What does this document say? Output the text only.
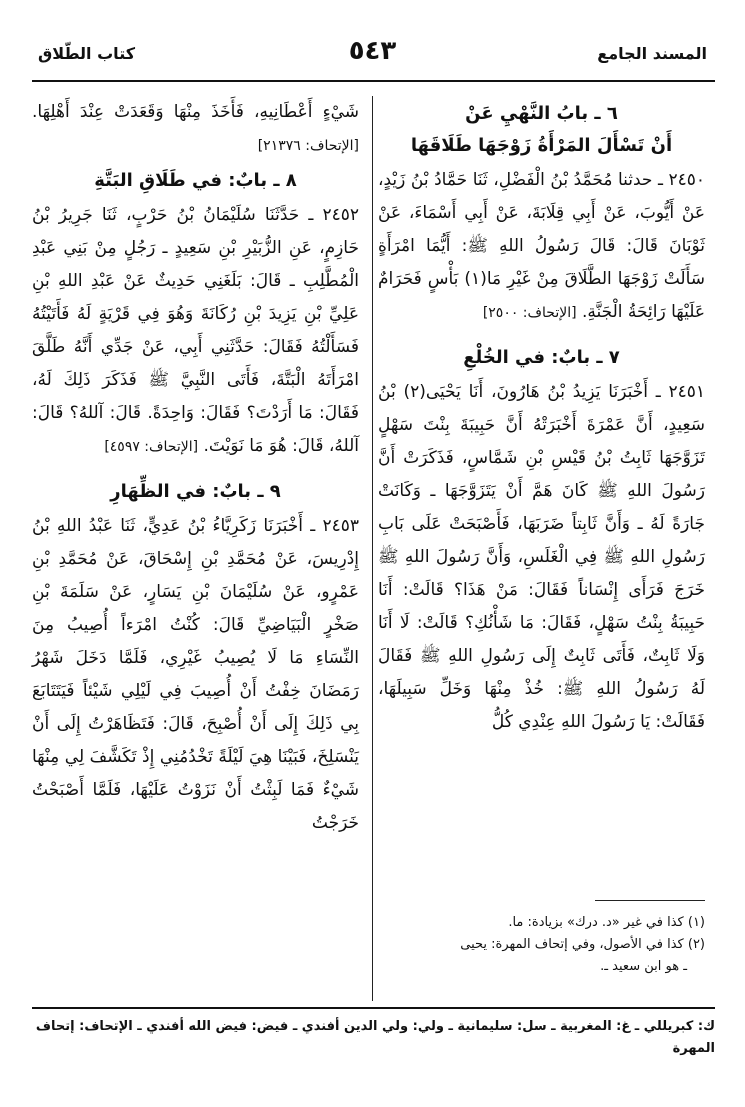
المسند الجامع
٥٤٣
كتاب الطّلاق
٦ ـ بابُ النَّهْيِ عَنْ
أَنْ تَسْأَلَ المَرْأَةُ زَوْجَهَا طَلَاقَهَا

٢٤٥٠ ـ حدثنا مُحَمَّدُ بْنُ الْفَضْلِ، ثَنَا حَمَّادُ بْنُ زَيْدٍ، عَنْ أَيُّوبَ، عَنْ أَبِي قِلَابَةَ، عَنْ أَبِي أَسْمَاءَ، عَنْ ثَوْبَانَ قَالَ: قَالَ رَسُولُ اللهِ ﷺ: أَيُّمَا امْرَأَةٍ سَأَلَتْ زَوْجَهَا الطَّلَاقَ مِنْ غَيْرِ مَا(١) بَأْسٍ فَحَرَامٌ عَلَيْهَا رَائِحَةُ الْجَنَّةِ. [الإتحاف: ٢٥٠٠]

٧ ـ بابٌ: في الخُلْعِ

٢٤٥١ ـ أَخْبَرَنَا يَزِيدُ بْنُ هَارُونَ، أَنَا يَحْيَى(٢) بْنُ سَعِيدٍ، أَنَّ عَمْرَةَ أَخْبَرَتْهُ أَنَّ حَبِيبَةَ بِنْتَ سَهْلٍ تَزَوَّجَهَا ثَابِتُ بْنُ قَيْسِ بْنِ شَمَّاسٍ، فَذَكَرَتْ أَنَّ رَسُولَ اللهِ ﷺ كَانَ هَمَّ أَنْ يَتَزَوَّجَهَا ـ وَكَانَتْ جَارَةً لَهُ ـ وَأَنَّ ثَابِتاً ضَرَبَهَا، فَأَصْبَحَتْ عَلَى بَابِ رَسُولِ اللهِ ﷺ فِي الْغَلَسِ، وَأَنَّ رَسُولَ اللهِ ﷺ خَرَجَ فَرَأَى إِنْسَاناً فَقَالَ: مَنْ هَذَا؟ قَالَتْ: أَنَا حَبِيبَةُ بِنْتُ سَهْلٍ، فَقَالَ: مَا شَأْنُكِ؟ قَالَتْ: لَا أَنَا وَلَا ثَابِتٌ، فَأَتَى ثَابِتٌ إِلَى رَسُولِ اللهِ ﷺ فَقَالَ لَهُ رَسُولُ اللهِ ﷺ: خُذْ مِنْهَا وَخَلِّ سَبِيلَهَا، فَقَالَتْ: يَا رَسُولَ اللهِ عِنْدِي كُلُّ

شَيْءٍ أَعْطَانِيهِ، فَأَخَذَ مِنْهَا وَقَعَدَتْ عِنْدَ أَهْلِهَا. [الإتحاف: ٢١٣٧٦]

٨ ـ بابٌ: في طَلَاقِ البَتَّةِ

٢٤٥٢ ـ حَدَّثَنَا سُلَيْمَانُ بْنُ حَرْبٍ، ثَنَا جَرِيرُ بْنُ حَازِمٍ، عَنِ الزُّبَيْرِ بْنِ سَعِيدٍ ـ رَجُلٍ مِنْ بَنِي عَبْدِ الْمُطَّلِبِ ـ قَالَ: بَلَغَنِي حَدِيثٌ عَنْ عَبْدِ اللهِ بْنِ عَلِيِّ بْنِ يَزِيدَ بْنِ رُكَانَةَ وَهُوَ فِي قَرْيَةٍ لَهُ فَأَتَيْتُهُ فَسَأَلْتُهُ فَقَالَ: حَدَّثَنِي أَبِي، عَنْ جَدِّي أَنَّهُ طَلَّقَ امْرَأَتَهُ الْبَتَّةَ، فَأَتَى النَّبِيَّ ﷺ فَذَكَرَ ذَلِكَ لَهُ، فَقَالَ: مَا أَرَدْتَ؟ فَقَالَ: وَاحِدَةً. قَالَ: آللهُ؟ قَالَ: آللهُ، قَالَ: هُوَ مَا نَوَيْتَ. [الإتحاف: ٤٥٩٧]

٩ ـ بابٌ: في الظِّهَارِ

٢٤٥٣ ـ أَخْبَرَنَا زَكَرِيَّاءُ بْنُ عَدِيٍّ، ثَنَا عَبْدُ اللهِ بْنُ إِدْرِيسَ، عَنْ مُحَمَّدِ بْنِ إِسْحَاقَ، عَنْ مُحَمَّدِ بْنِ عَمْرٍو، عَنْ سُلَيْمَانَ بْنِ يَسَارٍ، عَنْ سَلَمَةَ بْنِ صَخْرٍ الْبَيَاضِيِّ قَالَ: كُنْتُ امْرَءاً أُصِيبُ مِنَ النِّسَاءِ مَا لَا يُصِيبُ غَيْرِي، فَلَمَّا دَخَلَ شَهْرُ رَمَضَانَ خِفْتُ أَنْ أُصِيبَ فِي لَيْلِي شَيْئاً فَيَتَتَابَعَ بِي ذَلِكَ إِلَى أَنْ أُصْبِحَ، قَالَ: فَتَظَاهَرْتُ إِلَى أَنْ يَنْسَلِخَ، فَبَيْنَا هِيَ لَيْلَةً تَخْدُمُنِي إِذْ تَكَشَّفَ لِي مِنْهَا شَيْءٌ فَمَا لَبِثْتُ أَنْ نَزَوْتُ عَلَيْهَا، فَلَمَّا أَصْبَحْتُ خَرَجْتُ

(١) كذا في غير «د. درك» بزيادة: ما.

(٢) كذا في الأصول، وفي إتحاف المهرة: يحيى

ـ هو ابن سعيد ـ.

ك: كبريللي ـ غ: المغربية ـ سل: سليمانية ـ ولي: ولي الدين أفندي ـ فيض: فيض الله أفندي ـ الإتحاف: إتحاف المهرة
